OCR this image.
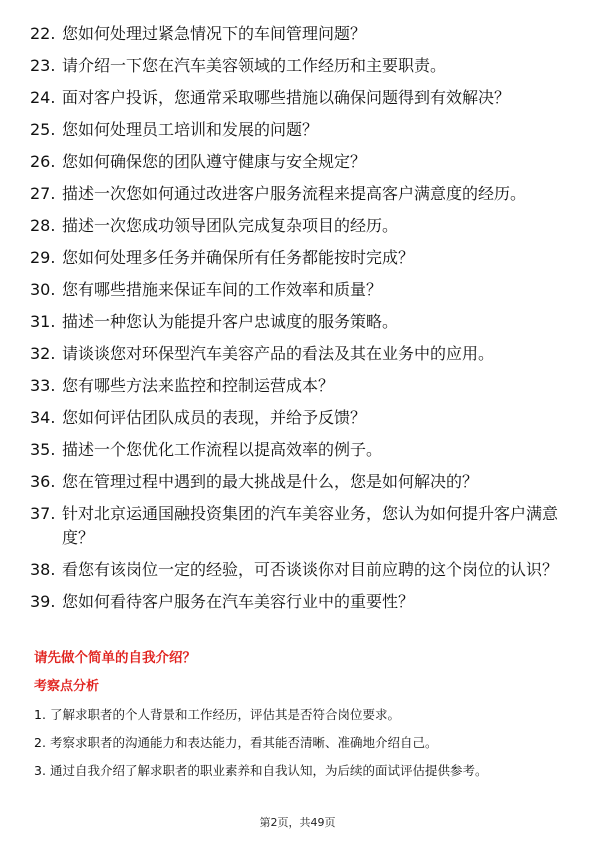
22. 您如何处理过紧急情况下的车间管理问题？
23. 请介绍一下您在汽车美容领域的工作经历和主要职责。
24. 面对客户投诉，您通常采取哪些措施以确保问题得到有效解决？
25. 您如何处理员工培训和发展的问题？
26. 您如何确保您的团队遵守健康与安全规定？
27. 描述一次您如何通过改进客户服务流程来提高客户满意度的经历。
28. 描述一次您成功领导团队完成复杂项目的经历。
29. 您如何处理多任务并确保所有任务都能按时完成？
30. 您有哪些措施来保证车间的工作效率和质量？
31. 描述一种您认为能提升客户忠诚度的服务策略。
32. 请谈谈您对环保型汽车美容产品的看法及其在业务中的应用。
33. 您有哪些方法来监控和控制运营成本？
34. 您如何评估团队成员的表现，并给予反馈？
35. 描述一个您优化工作流程以提高效率的例子。
36. 您在管理过程中遇到的最大挑战是什么，您是如何解决的？
37. 针对北京运通国融投资集团的汽车美容业务，您认为如何提升客户满意度？
38. 看您有该岗位一定的经验，可否谈谈你对目前应聘的这个岗位的认识？
39. 您如何看待客户服务在汽车美容行业中的重要性？
请先做个简单的自我介绍？
考察点分析
1. 了解求职者的个人背景和工作经历，评估其是否符合岗位要求。
2. 考察求职者的沟通能力和表达能力，看其能否清晰、准确地介绍自己。
3. 通过自我介绍了解求职者的职业素养和自我认知，为后续的面试评估提供参考。
第2页，共49页
